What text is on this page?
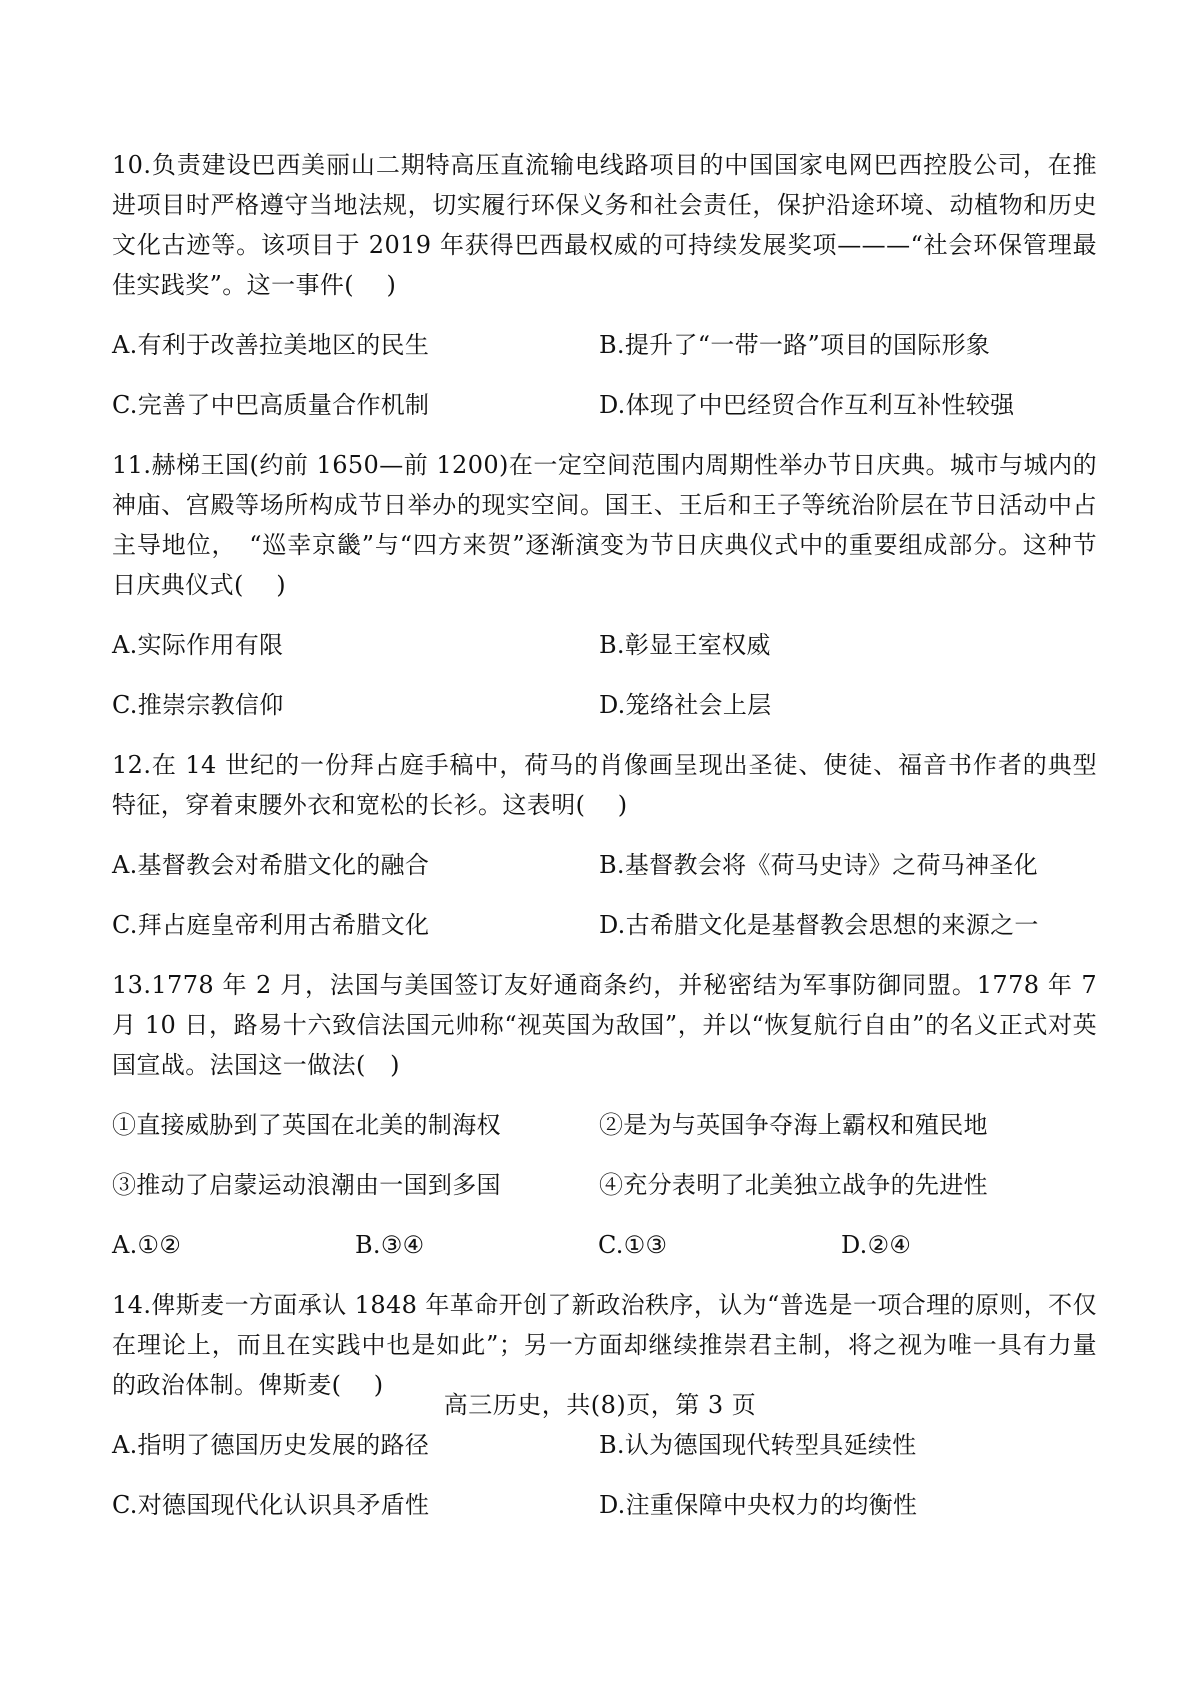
10.负责建设巴西美丽山二期特高压直流输电线路项目的中国国家电网巴西控股公司，在推进项目时严格遵守当地法规，切实履行环保义务和社会责任，保护沿途环境、动植物和历史文化古迹等。该项目于 2019 年获得巴西最权威的可持续发展奖项———“社会环保管理最佳实践奖”。这一事件(　 )

A.有利于改善拉美地区的民生	B.提升了“一带一路”项目的国际形象
C.完善了中巴高质量合作机制	D.体现了中巴经贸合作互利互补性较强

11.赫梯王国(约前 1650—前 1200)在一定空间范围内周期性举办节日庆典。城市与城内的神庙、宫殿等场所构成节日举办的现实空间。国王、王后和王子等统治阶层在节日活动中占主导地位，　“巡幸京畿”与“四方来贺”逐渐演变为节日庆典仪式中的重要组成部分。这种节日庆典仪式(　 )

A.实际作用有限	B.彰显王室权威
C.推崇宗教信仰	D.笼络社会上层

12.在 14 世纪的一份拜占庭手稿中，荷马的肖像画呈现出圣徒、使徒、福音书作者的典型特征，穿着束腰外衣和宽松的长衫。这表明(　 )

A.基督教会对希腊文化的融合	B.基督教会将《荷马史诗》之荷马神圣化
C.拜占庭皇帝利用古希腊文化	D.古希腊文化是基督教会思想的来源之一

13.1778 年 2 月，法国与美国签订友好通商条约，并秘密结为军事防御同盟。1778 年 7 月 10 日，路易十六致信法国元帅称“视英国为敌国”，并以“恢复航行自由”的名义正式对英国宣战。法国这一做法(　)

①直接威胁到了英国在北美的制海权	②是为与英国争夺海上霸权和殖民地
③推动了启蒙运动浪潮由一国到多国	④充分表明了北美独立战争的先进性
A.①②	B.③④	C.①③	D.②④

14.俾斯麦一方面承认 1848 年革命开创了新政治秩序，认为“普选是一项合理的原则，不仅在理论上，而且在实践中也是如此”；另一方面却继续推崇君主制，将之视为唯一具有力量的政治体制。俾斯麦(　 )

A.指明了德国历史发展的路径	B.认为德国现代转型具延续性
C.对德国现代化认识具矛盾性	D.注重保障中央权力的均衡性
高三历史，共(8)页，第 3 页
